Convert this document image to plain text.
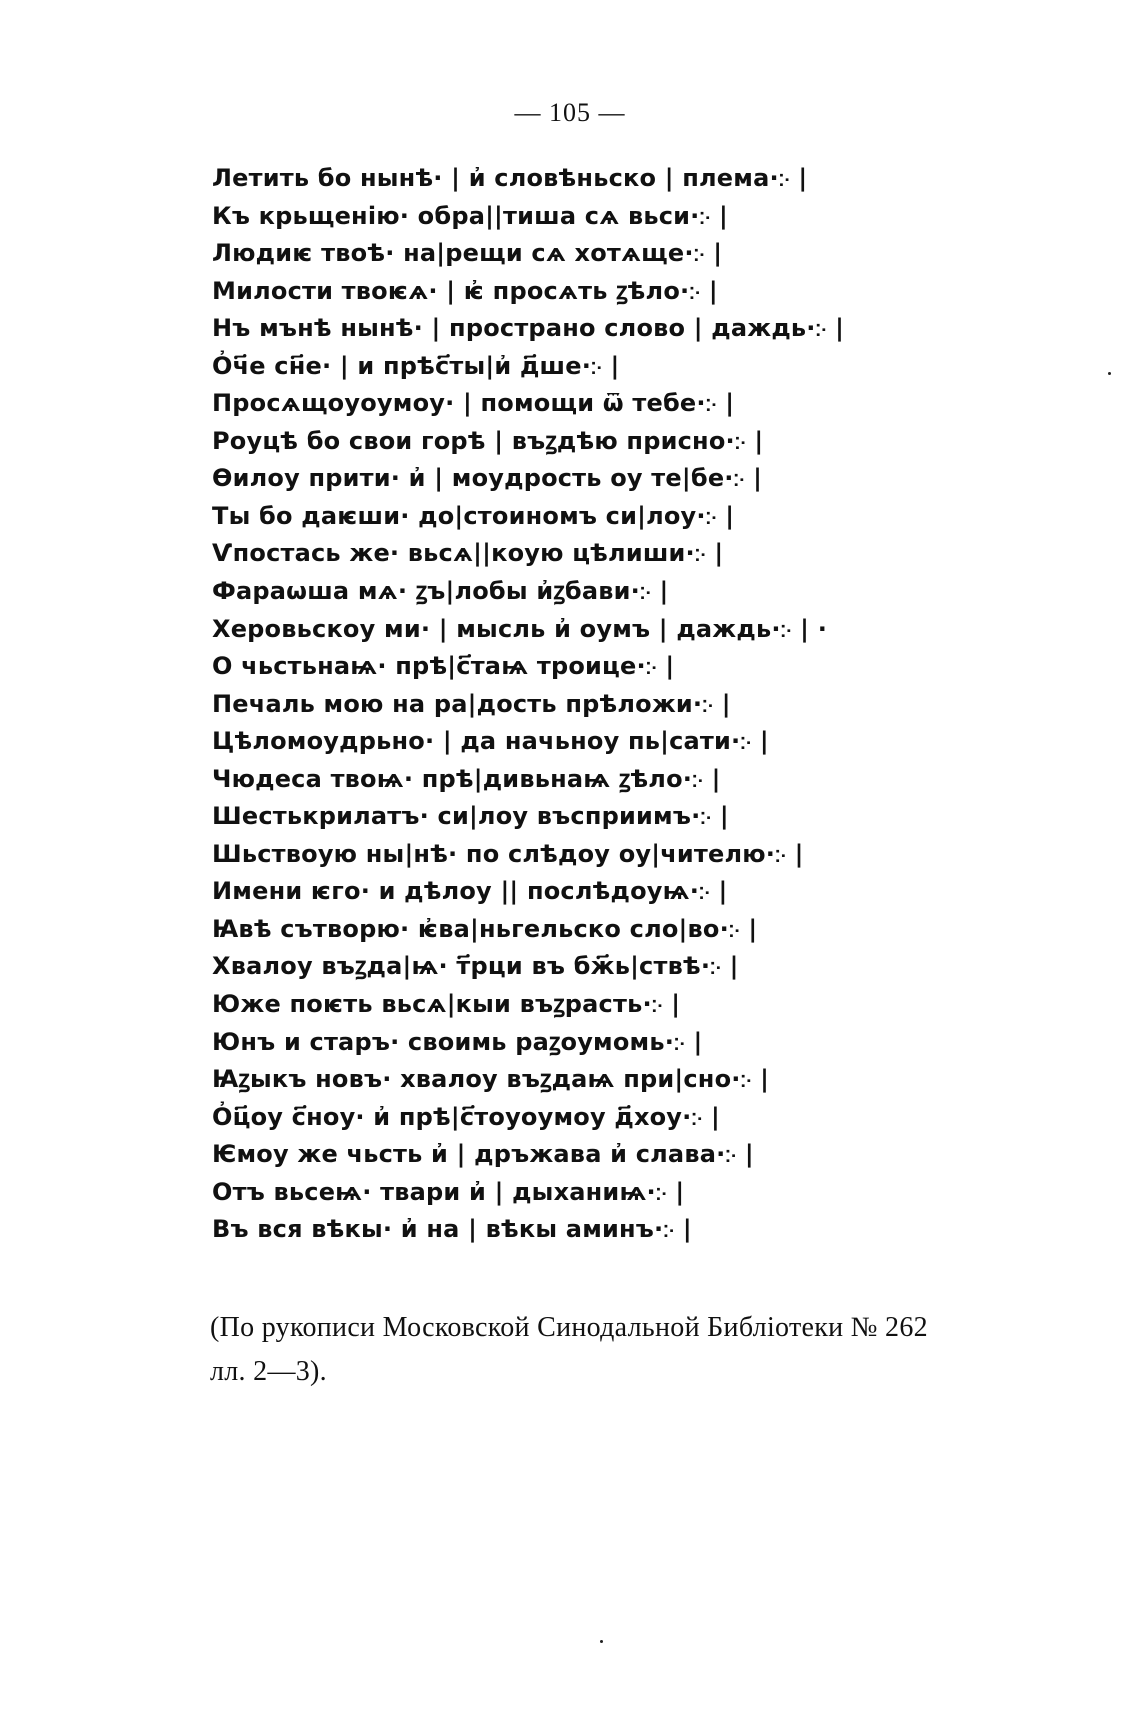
— 105 —
Летить бо нынѣ· | и҆ словѣньско | плема·჻ |
Къ крьщенію· обра||тиша сѧ вьси·჻ |
Людиѥ твоѣ· на|рещи сѧ хотѧще·჻ |
Милости твоѥѧ· | ѥ҆ просѧть ꙁѣло·჻ |
Нъ мънѣ нынѣ· | пространо слово | даждь·჻ |
О҆ч҃е сн҃е· | и прѣс҃ты|и҆ д҃ше·჻ |
Просѧщоуоумоу· | помощи ѿ тебе·჻ |
Роуцѣ бо свои горѣ | въꙁдѣю присно·჻ |
Ѳилоу прити· и҆ | моудрость оу те|бе·჻ |
Ты бо даѥши· до|стоиномъ си|лоу·჻ |
Ѵпостась же· вьсѧ||коую цѣлиши·჻ |
Фараѡша мѧ· ꙁъ|лобы и҆ꙁбави·჻ |
Херовьскоу ми· | мысль и҆ оумъ | даждь·჻ | ·
О чьстьнаѩ· прѣ|с҃таѩ троице·჻ |
Печаль мою на ра|дость прѣложи·჻ |
Цѣломоудрьно· | да начьноу пь|сати·჻ |
Чюдеса твоѩ· прѣ|дивьнаѩ ꙁѣло·჻ |
Шестькрилатъ· си|лоу въсприимъ·჻ |
Шьствоую ны|нѣ· по слѣдоу оу|чителю·჻ |
Имени ѥго· и дѣлоу || послѣдоуѩ·჻ |
Ꙗвѣ сътворю· ѥ҆ва|ньгельско сло|во·჻ |
Хвалоу въꙁда|ѩ· т҃рци въ бж҃ь|ствѣ·჻ |
Юже поѥть вьсѧ|кыи въꙁрасть·჻ |
Юнъ и старъ· своимь раꙁоумомь·჻ |
Ꙗꙁыкъ новъ· хвалоу въꙁдаѩ при|сно·჻ |
О҆ц҃оу с҃ноу· и҆ прѣ|с҃тоуоумоу д҃хоу·჻ |
Ѥмоу же чьсть и҆ | дръжава и҆ слава·჻ |
Отъ вьсеѩ· твари и҆ | дыханиѩ·჻ |
Въ вся вѣкы· и҆ на | вѣкы аминъ·჻ |
(По рукописи Московской Синодальной Библіотеки № 262
лл. 2—3).
